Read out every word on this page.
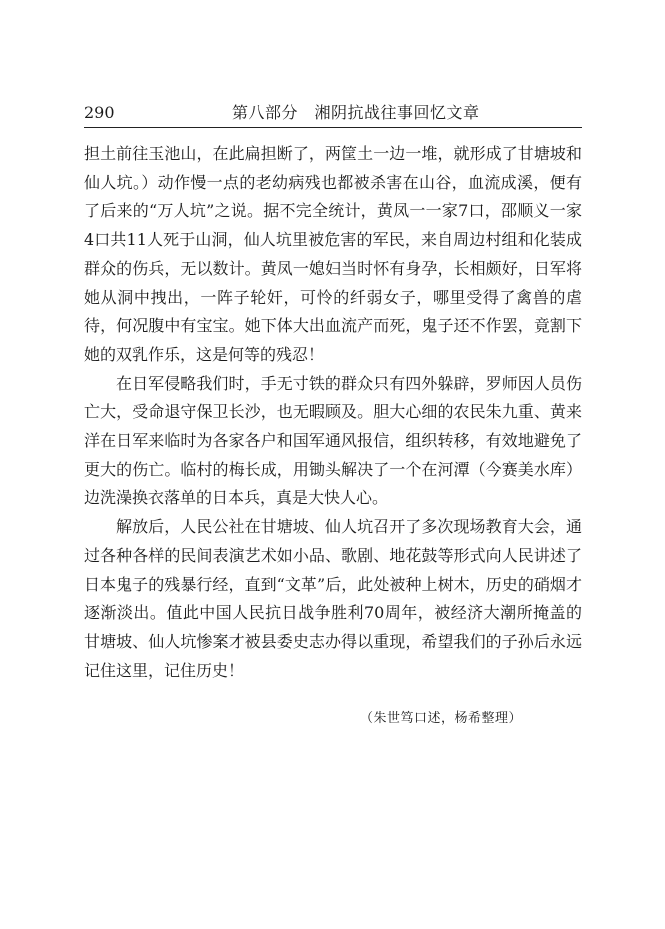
290	第八部分　湘阴抗战往事回忆文章

担土前往玉池山，在此扁担断了，两筐土一边一堆，就形成了甘塘坡和仙人坑。）动作慢一点的老幼病残也都被杀害在山谷，血流成溪，便有了后来的“万人坑”之说。据不完全统计，黄凤一一家7口，邵顺义一家4口共11人死于山洞，仙人坑里被危害的军民，来自周边村组和化装成群众的伤兵，无以数计。黄凤一媳妇当时怀有身孕，长相颇好，日军将她从洞中拽出，一阵子轮奸，可怜的纤弱女子，哪里受得了禽兽的虐待，何况腹中有宝宝。她下体大出血流产而死，鬼子还不作罢，竟割下她的双乳作乐，这是何等的残忍！

在日军侵略我们时，手无寸铁的群众只有四外躲辟，罗师因人员伤亡大，受命退守保卫长沙，也无暇顾及。胆大心细的农民朱九重、黄来洋在日军来临时为各家各户和国军通风报信，组织转移，有效地避免了更大的伤亡。临村的梅长成，用锄头解决了一个在河潭（今赛美水库）边洗澡换衣落单的日本兵，真是大快人心。

解放后，人民公社在甘塘坡、仙人坑召开了多次现场教育大会，通过各种各样的民间表演艺术如小品、歌剧、地花鼓等形式向人民讲述了日本鬼子的残暴行经，直到“文革”后，此处被种上树木，历史的硝烟才逐渐淡出。值此中国人民抗日战争胜利70周年，被经济大潮所掩盖的甘塘坡、仙人坑惨案才被县委史志办得以重现，希望我们的子孙后永远记住这里，记住历史！

（朱世笃口述，杨希整理）
